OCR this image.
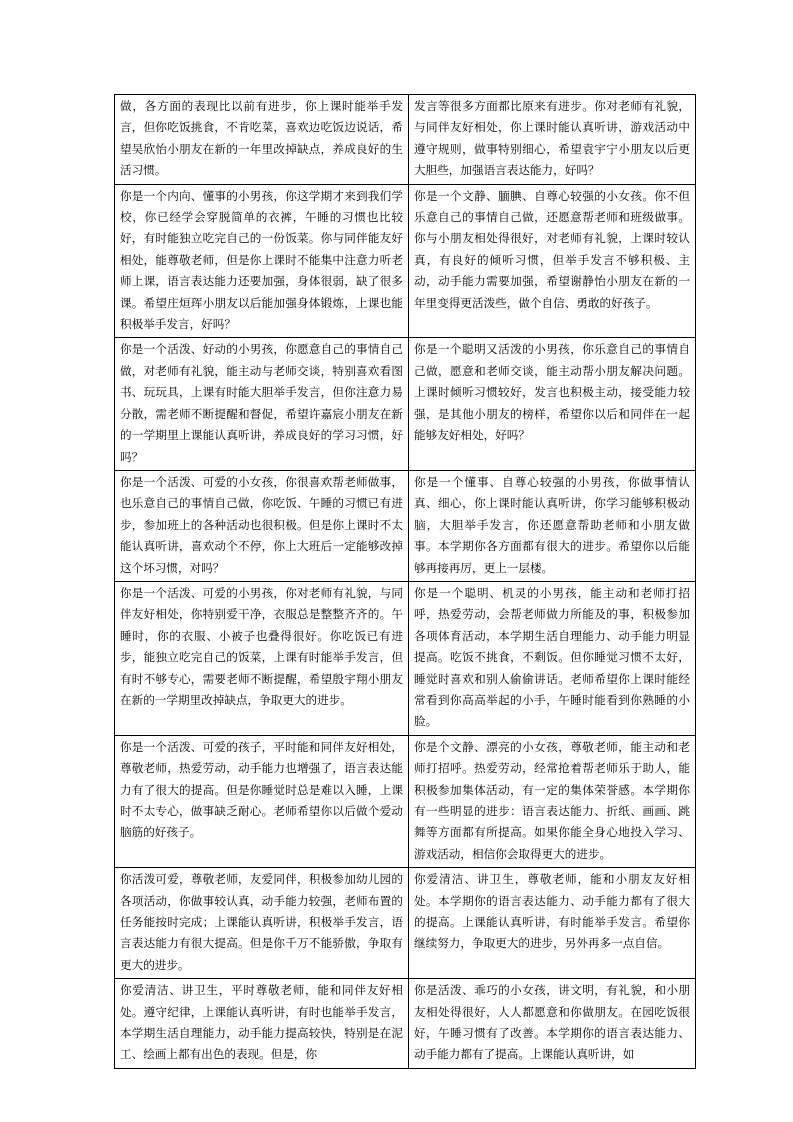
做，各方面的表现比以前有进步，你上课时能举手发言，但你吃饭挑食，不肯吃菜，喜欢边吃饭边说话，希望吴欣怡小朋友在新的一年里改掉缺点，养成良好的生活习惯。	发言等很多方面都比原来有进步。你对老师有礼貌，与同伴友好相处，你上课时能认真听讲，游戏活动中遵守规则，做事特别细心，希望袁宇宁小朋友以后更大胆些，加强语言表达能力，好吗？
你是一个内向、懂事的小男孩，你这学期才来到我们学校，你已经学会穿脱简单的衣裤，午睡的习惯也比较好，有时能独立吃完自己的一份饭菜。你与同伴能友好相处，能尊敬老师，但是你上课时不能集中注意力听老师上课，语言表达能力还要加强，身体很弱，缺了很多课。希望庄烜珲小朋友以后能加强身体锻炼，上课也能积极举手发言，好吗？	你是一个文静、腼腆、自尊心较强的小女孩。你不但乐意自己的事情自己做，还愿意帮老师和班级做事。你与小朋友相处得很好，对老师有礼貌，上课时较认真，有良好的倾听习惯，但举手发言不够积极、主动，动手能力需要加强，希望谢静怡小朋友在新的一年里变得更活泼些，做个自信、勇敢的好孩子。
你是一个活泼、好动的小男孩，你愿意自己的事情自己做，对老师有礼貌，能主动与老师交谈，特别喜欢看图书、玩玩具，上课有时能大胆举手发言，但你注意力易分散，需老师不断提醒和督促，希望许嘉宸小朋友在新的一学期里上课能认真听讲，养成良好的学习习惯，好吗？	你是一个聪明又活泼的小男孩，你乐意自己的事情自己做，愿意和老师交谈，能主动帮小朋友解决问题。上课时倾听习惯较好，发言也积极主动，接受能力较强，是其他小朋友的榜样，希望你以后和同伴在一起能够友好相处，好吗？
你是一个活泼、可爱的小女孩，你很喜欢帮老师做事，也乐意自己的事情自己做，你吃饭、午睡的习惯已有进步，参加班上的各种活动也很积极。但是你上课时不太能认真听讲，喜欢动个不停，你上大班后一定能够改掉这个坏习惯，对吗？	你是一个懂事、自尊心较强的小男孩，你做事情认真、细心，你上课时能认真听讲，你学习能够积极动脑，大胆举手发言，你还愿意帮助老师和小朋友做事。本学期你各方面都有很大的进步。希望你以后能够再接再厉，更上一层楼。
你是一个活泼、可爱的小男孩，你对老师有礼貌，与同伴友好相处，你特别爱干净，衣服总是整整齐齐的。午睡时，你的衣服、小被子也叠得很好。你吃饭已有进步，能独立吃完自己的饭菜，上课有时能举手发言，但有时不够专心，需要老师不断提醒，希望殷宇翔小朋友在新的一学期里改掉缺点，争取更大的进步。	你是一个聪明、机灵的小男孩，能主动和老师打招呼，热爱劳动，会帮老师做力所能及的事，积极参加各项体育活动，本学期生活自理能力、动手能力明显提高。吃饭不挑食，不剩饭。但你睡觉习惯不太好，睡觉时喜欢和别人偷偷讲话。老师希望你上课时能经常看到你高高举起的小手，午睡时能看到你熟睡的小脸。
你是一个活泼、可爱的孩子，平时能和同伴友好相处，尊敬老师，热爱劳动，动手能力也增强了，语言表达能力有了很大的提高。但是你睡觉时总是难以入睡，上课时不太专心，做事缺乏耐心。老师希望你以后做个爱动脑筋的好孩子。	你是个文静、漂亮的小女孩，尊敬老师，能主动和老师打招呼。热爱劳动，经常抢着帮老师乐于助人，能积极参加集体活动，有一定的集体荣誉感。本学期你有一些明显的进步：语言表达能力、折纸、画画、跳舞等方面都有所提高。如果你能全身心地投入学习、游戏活动，相信你会取得更大的进步。
你活泼可爱，尊敬老师，友爱同伴，积极参加幼儿园的各项活动，你做事较认真，动手能力较强，老师布置的任务能按时完成；上课能认真听讲，积极举手发言，语言表达能力有很大提高。但是你千万不能骄傲，争取有更大的进步。	你爱清洁、讲卫生，尊敬老师，能和小朋友友好相处。本学期你的语言表达能力、动手能力都有了很大的提高。上课能认真听讲，有时能举手发言。希望你继续努力，争取更大的进步，另外再多一点自信。
你爱清洁、讲卫生，平时尊敬老师，能和同伴友好相处。遵守纪律，上课能认真听讲，有时也能举手发言，本学期生活自理能力，动手能力提高较快，特别是在泥工、绘画上都有出色的表现。但是，你	你是活泼、乖巧的小女孩，讲文明，有礼貌，和小朋友相处得很好，人人都愿意和你做朋友。在园吃饭很好，午睡习惯有了改善。本学期你的语言表达能力、动手能力都有了提高。上课能认真听讲，如
